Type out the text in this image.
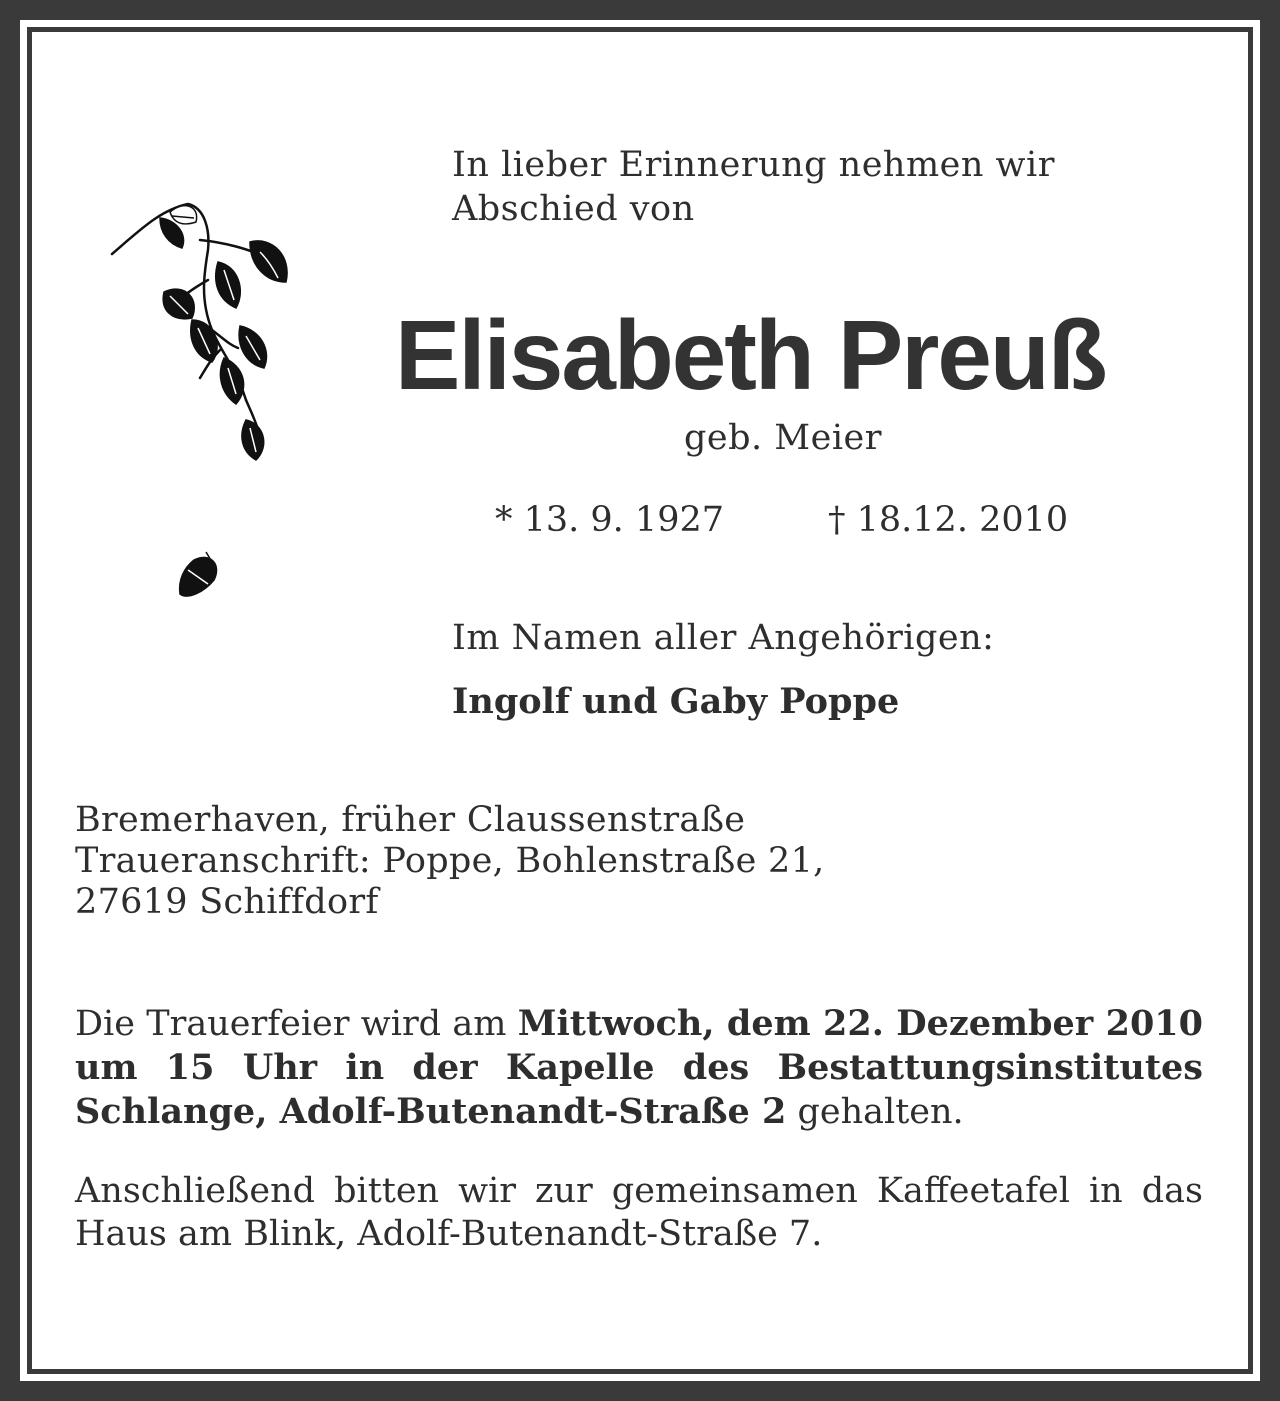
In lieber Erinnerung nehmen wir
Abschied von

Elisabeth Preuß

geb. Meier

* 13. 9. 1927	† 18.12. 2010

Im Namen aller Angehörigen:

Ingolf und Gaby Poppe

Bremerhaven, früher Claussenstraße
Traueranschrift: Poppe, Bohlenstraße 21,
27619 Schiffdorf

Die Trauerfeier wird am Mittwoch, dem 22. Dezember 2010 um 15 Uhr in der Kapelle des Bestattungsinstitutes Schlange, Adolf-Butenandt-Straße 2 gehalten.

Anschließend bitten wir zur gemeinsamen Kaffeetafel in das Haus am Blink, Adolf-Butenandt-Straße 7.
